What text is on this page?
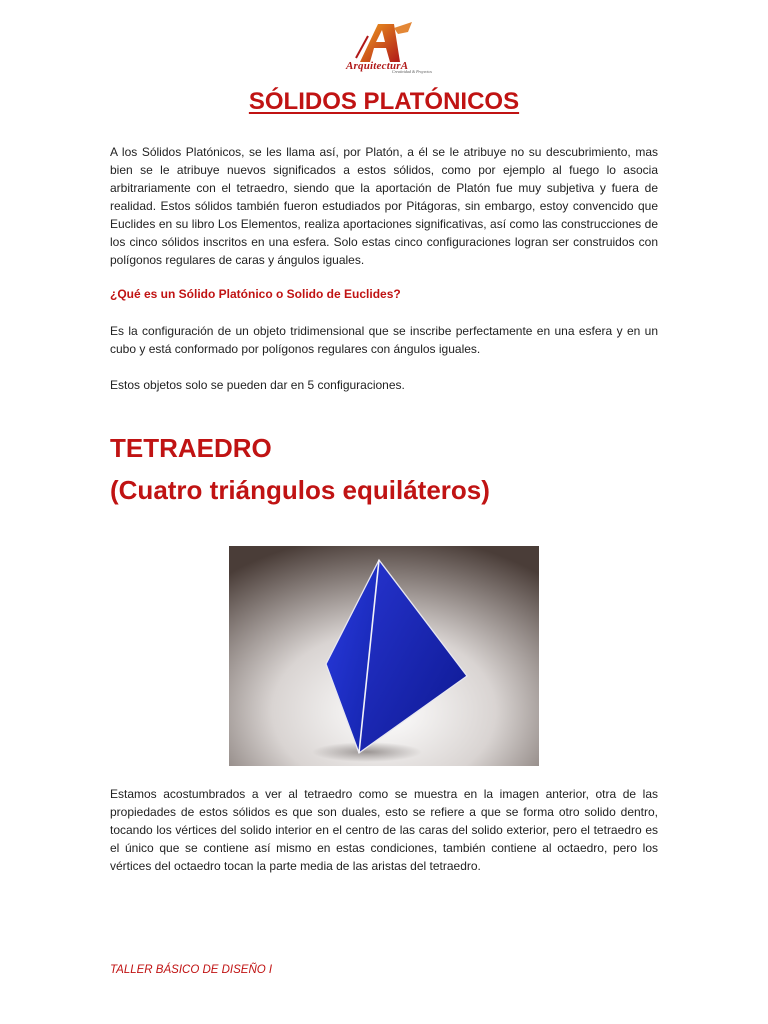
ArquitecturA
Creatividad & Proyectos
SÓLIDOS PLATÓNICOS

A los Sólidos Platónicos, se les llama así, por Platón, a él se le atribuye no su descubrimiento, mas bien se le atribuye nuevos significados a estos sólidos, como por ejemplo al fuego lo asocia arbitrariamente con el tetraedro, siendo que la aportación de Platón fue muy subjetiva y fuera de realidad. Estos sólidos también fueron estudiados por Pitágoras, sin embargo, estoy convencido que Euclides en su libro Los Elementos, realiza aportaciones significativas, así como las construcciones de los cinco sólidos inscritos en una esfera. Solo estas cinco configuraciones logran ser construidos con polígonos regulares de caras y ángulos iguales.

¿Qué es un Sólido Platónico o Solido de Euclides?

Es la configuración de un objeto tridimensional que se inscribe perfectamente en una esfera y en un cubo y está conformado por polígonos regulares con ángulos iguales.

Estos objetos solo se pueden dar en 5 configuraciones.

TETRAEDRO
(Cuatro triángulos equiláteros)

Estamos acostumbrados a ver al tetraedro como se muestra en la imagen anterior, otra de las propiedades de estos sólidos es que son duales, esto se refiere a que se forma otro solido dentro, tocando los vértices del solido interior en el centro de las caras del solido exterior, pero el tetraedro es el único que se contiene así mismo en estas condiciones, también contiene al octaedro, pero los vértices del octaedro tocan la parte media de las aristas del tetraedro.

TALLER BÁSICO DE DISEÑO I
